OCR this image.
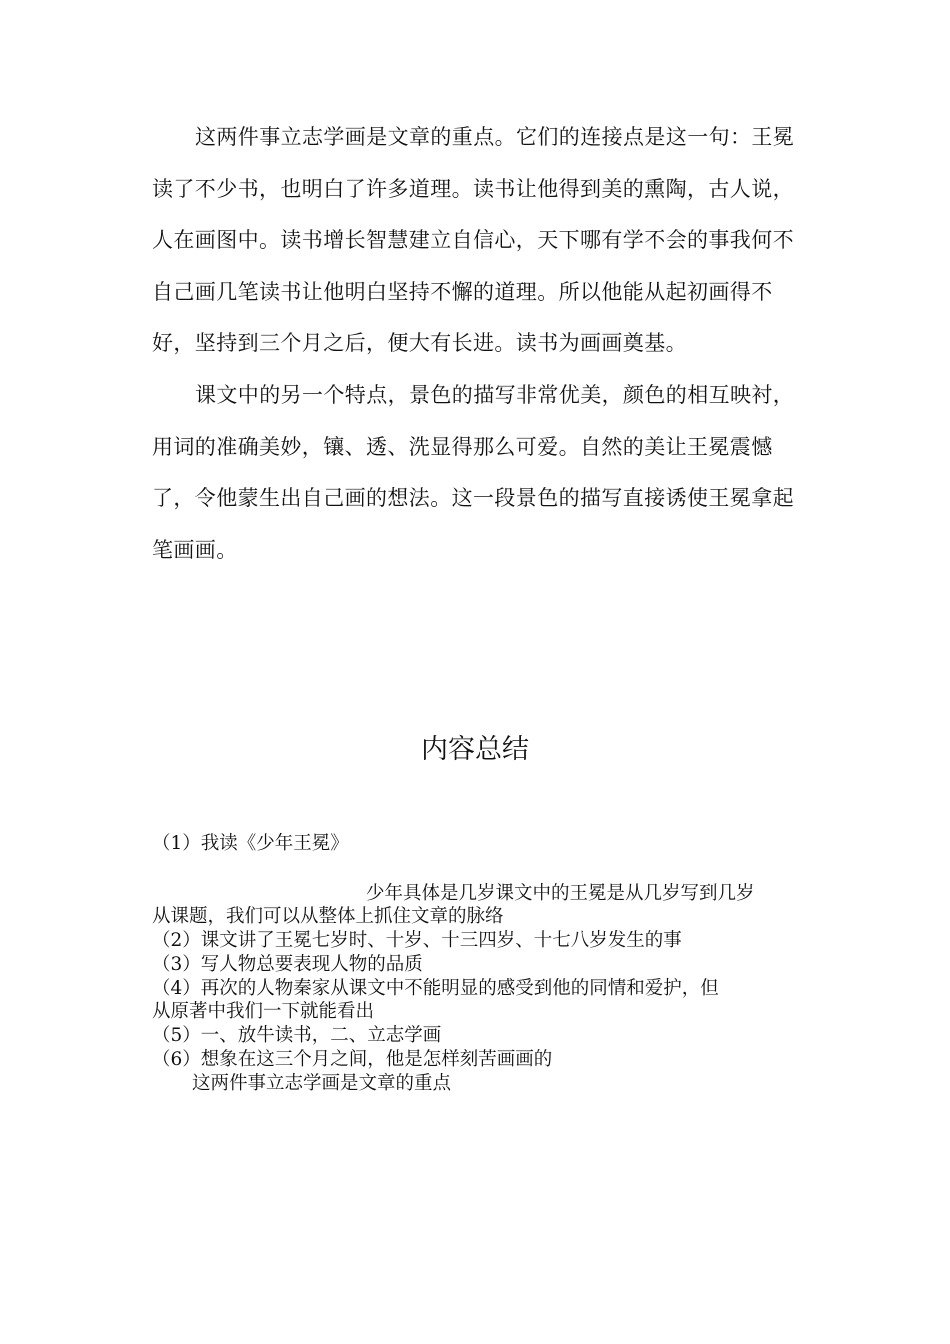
这两件事立志学画是文章的重点。它们的连接点是这一句：王冕读了不少书，也明白了许多道理。读书让他得到美的熏陶，古人说，人在画图中。读书增长智慧建立自信心，天下哪有学不会的事我何不自己画几笔读书让他明白坚持不懈的道理。所以他能从起初画得不好，坚持到三个月之后，便大有长进。读书为画画奠基。

课文中的另一个特点，景色的描写非常优美，颜色的相互映衬，用词的准确美妙，镶、透、洗显得那么可爱。自然的美让王冕震憾了，令他蒙生出自己画的想法。这一段景色的描写直接诱使王冕拿起笔画画。

内容总结

（1）我读《少年王冕》

少年具体是几岁课文中的王冕是从几岁写到几岁

从课题，我们可以从整体上抓住文章的脉络

（2）课文讲了王冕七岁时、十岁、十三四岁、十七八岁发生的事

（3）写人物总要表现人物的品质

（4）再次的人物秦家从课文中不能明显的感受到他的同情和爱护，但

从原著中我们一下就能看出

（5）一、放牛读书，二、立志学画

（6）想象在这三个月之间，他是怎样刻苦画画的

这两件事立志学画是文章的重点
